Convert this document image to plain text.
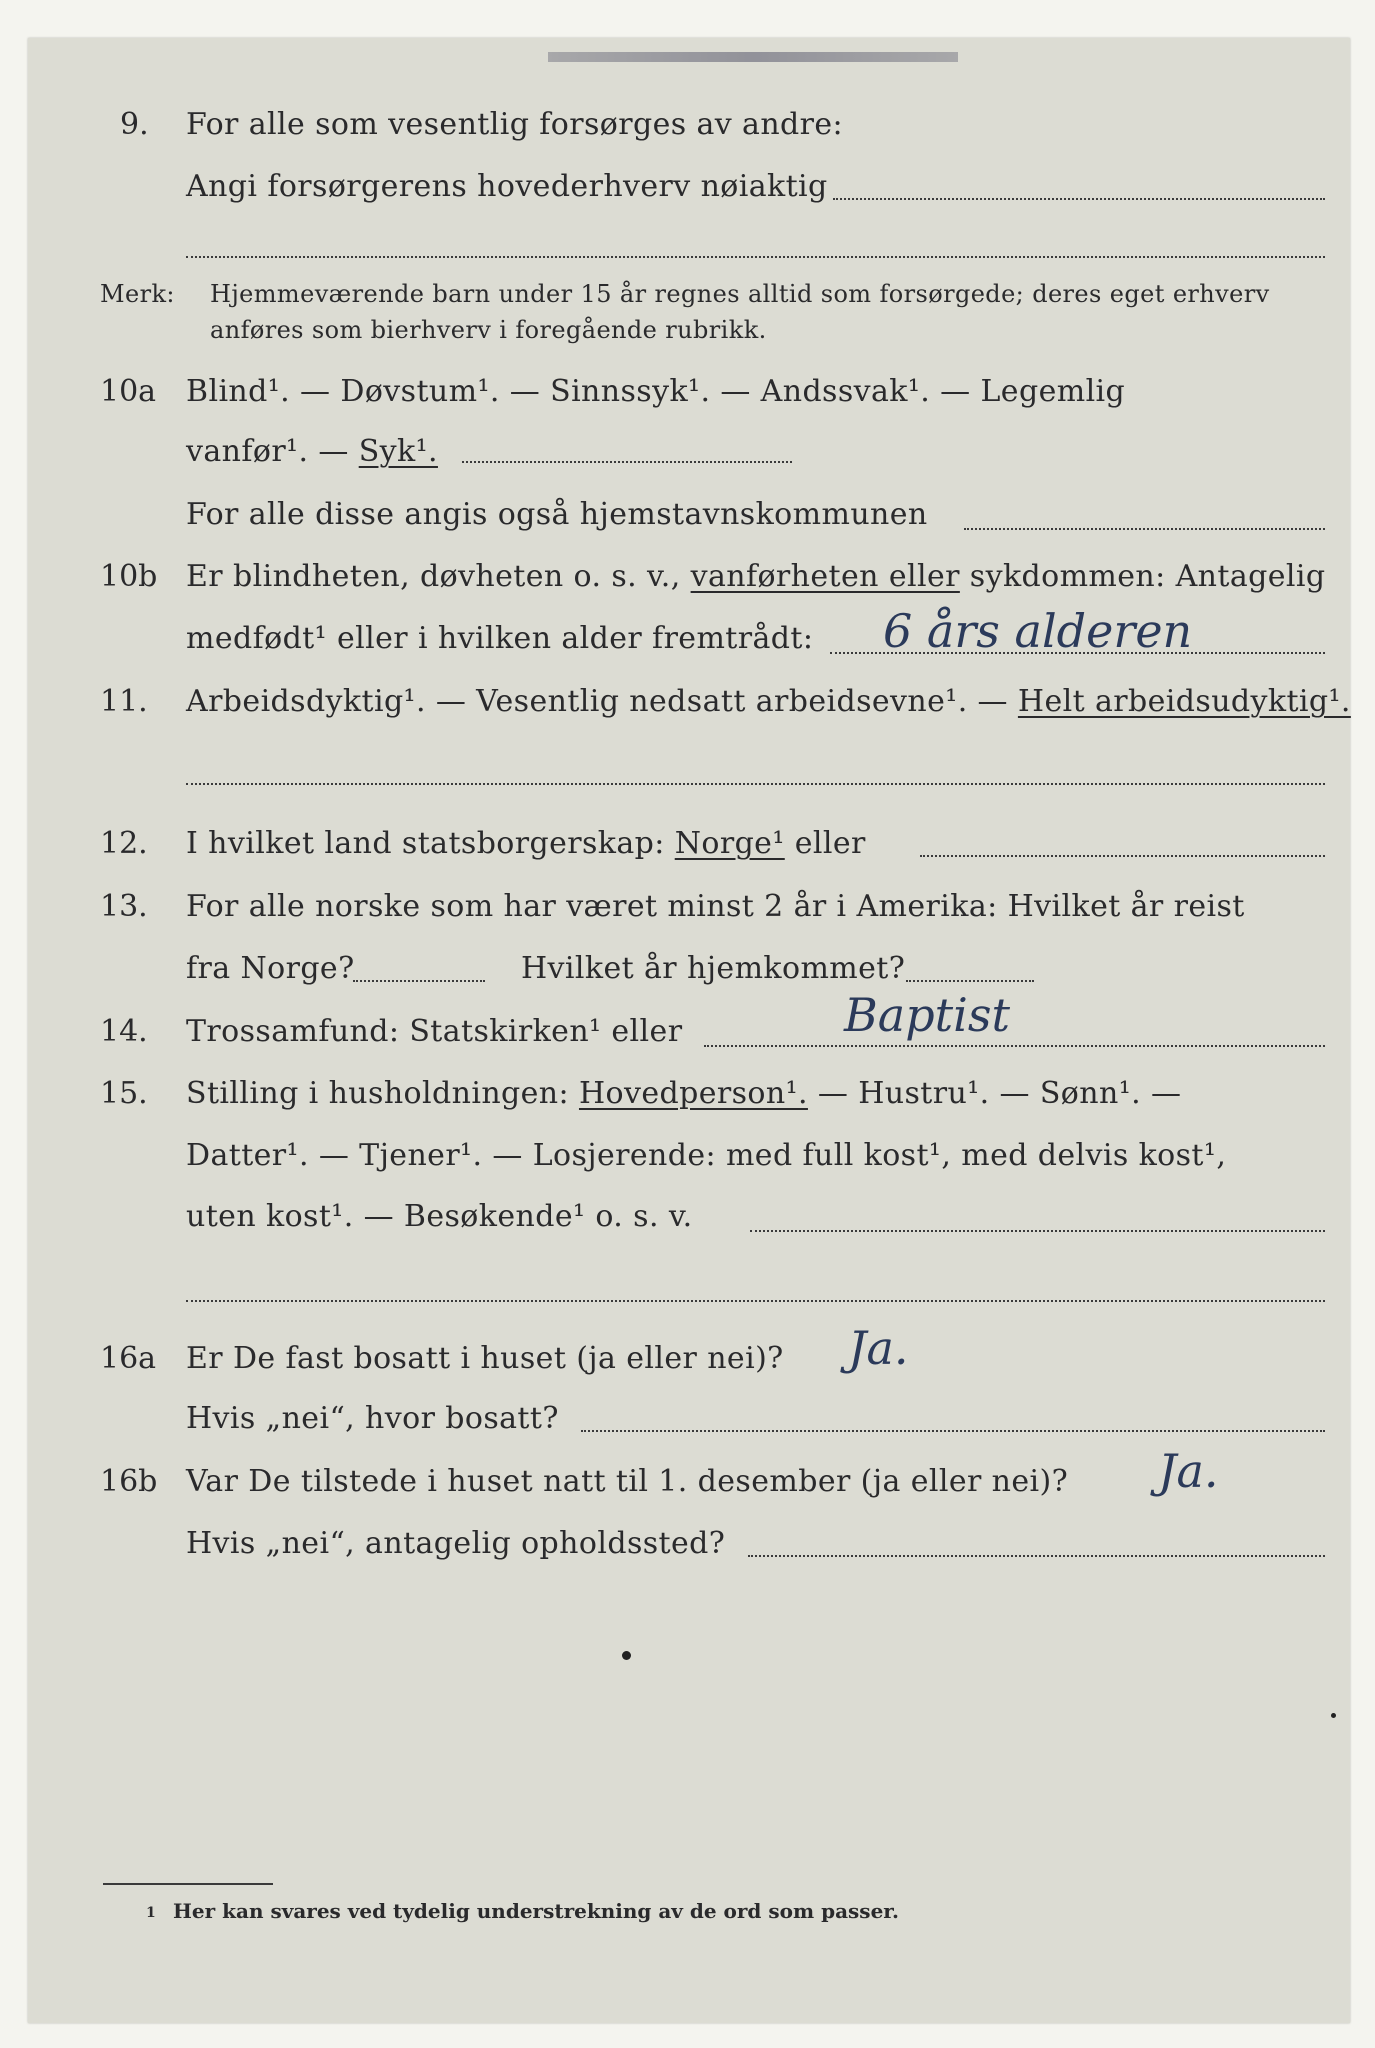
9. For alle som vesentlig forsørges av andre:
Angi forsørgerens hovederhverv nøiaktig
Merk: Hjemmeværende barn under 15 år regnes alltid som forsørgede; deres eget erhverv
anføres som bierhverv i foregående rubrikk.
10a Blind¹. — Døvstum¹. — Sinnssyk¹. — Andssvak¹. — Legemlig
vanfør¹. — Syk¹.
For alle disse angis også hjemstavnskommunen
10b Er blindheten, døvheten o. s. v., vanførheten eller sykdommen: Antagelig
medfødt¹ eller i hvilken alder fremtrådt: 6 års alderen
11. Arbeidsdyktig¹. — Vesentlig nedsatt arbeidsevne¹. — Helt arbeidsudyktig¹.
12. I hvilket land statsborgerskap: Norge¹ eller
13. For alle norske som har været minst 2 år i Amerika: Hvilket år reist
fra Norge?	Hvilket år hjemkommet?
14. Trossamfund: Statskirken¹ eller	Baptist
15. Stilling i husholdningen: Hovedperson¹. — Hustru¹. — Sønn¹. —
Datter¹. — Tjener¹. — Losjerende: med full kost¹, med delvis kost¹,
uten kost¹. — Besøkende¹ o. s. v.
16a Er De fast bosatt i huset (ja eller nei)? Ja.
Hvis „nei“, hvor bosatt?
16b Var De tilstede i huset natt til 1. desember (ja eller nei)? Ja.
Hvis „nei“, antagelig opholdssted?
1 Her kan svares ved tydelig understrekning av de ord som passer.
